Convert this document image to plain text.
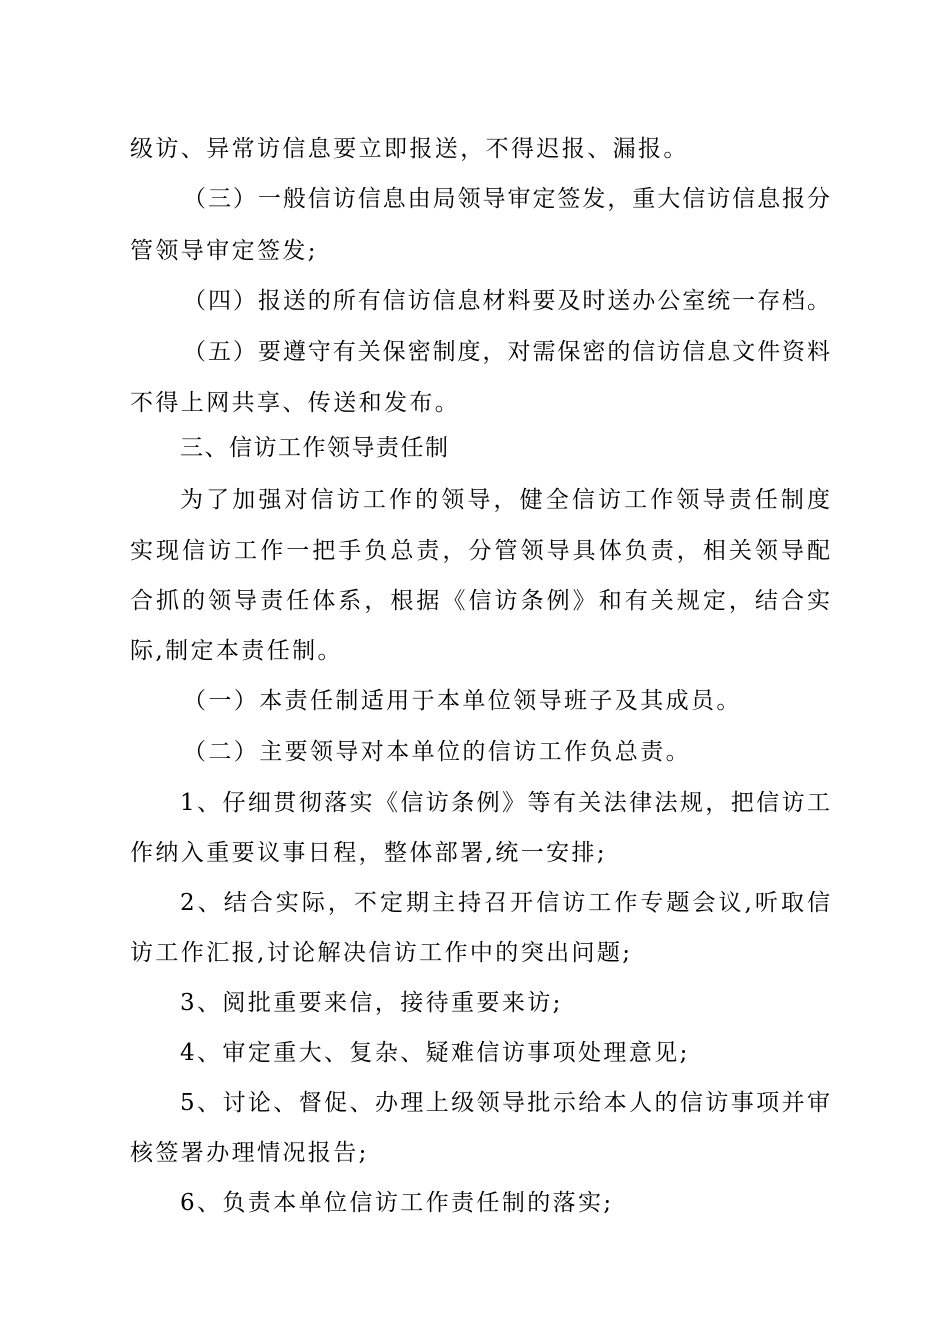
级访、异常访信息要立即报送，不得迟报、漏报。
（三）一般信访信息由局领导审定签发，重大信访信息报分
管领导审定签发;
（四）报送的所有信访信息材料要及时送办公室统一存档。
（五）要遵守有关保密制度，对需保密的信访信息文件资料
不得上网共享、传送和发布。
三、信访工作领导责任制
为了加强对信访工作的领导，健全信访工作领导责任制度
实现信访工作一把手负总责，分管领导具体负责，相关领导配
合抓的领导责任体系，根据《信访条例》和有关规定，结合实
际,制定本责任制。
（一）本责任制适用于本单位领导班子及其成员。
（二）主要领导对本单位的信访工作负总责。
1、仔细贯彻落实《信访条例》等有关法律法规，把信访工
作纳入重要议事日程，整体部署,统一安排;
2、结合实际，不定期主持召开信访工作专题会议,听取信
访工作汇报,讨论解决信访工作中的突出问题;
3、阅批重要来信，接待重要来访;
4、审定重大、复杂、疑难信访事项处理意见;
5、讨论、督促、办理上级领导批示给本人的信访事项并审
核签署办理情况报告;
6、负责本单位信访工作责任制的落实;
